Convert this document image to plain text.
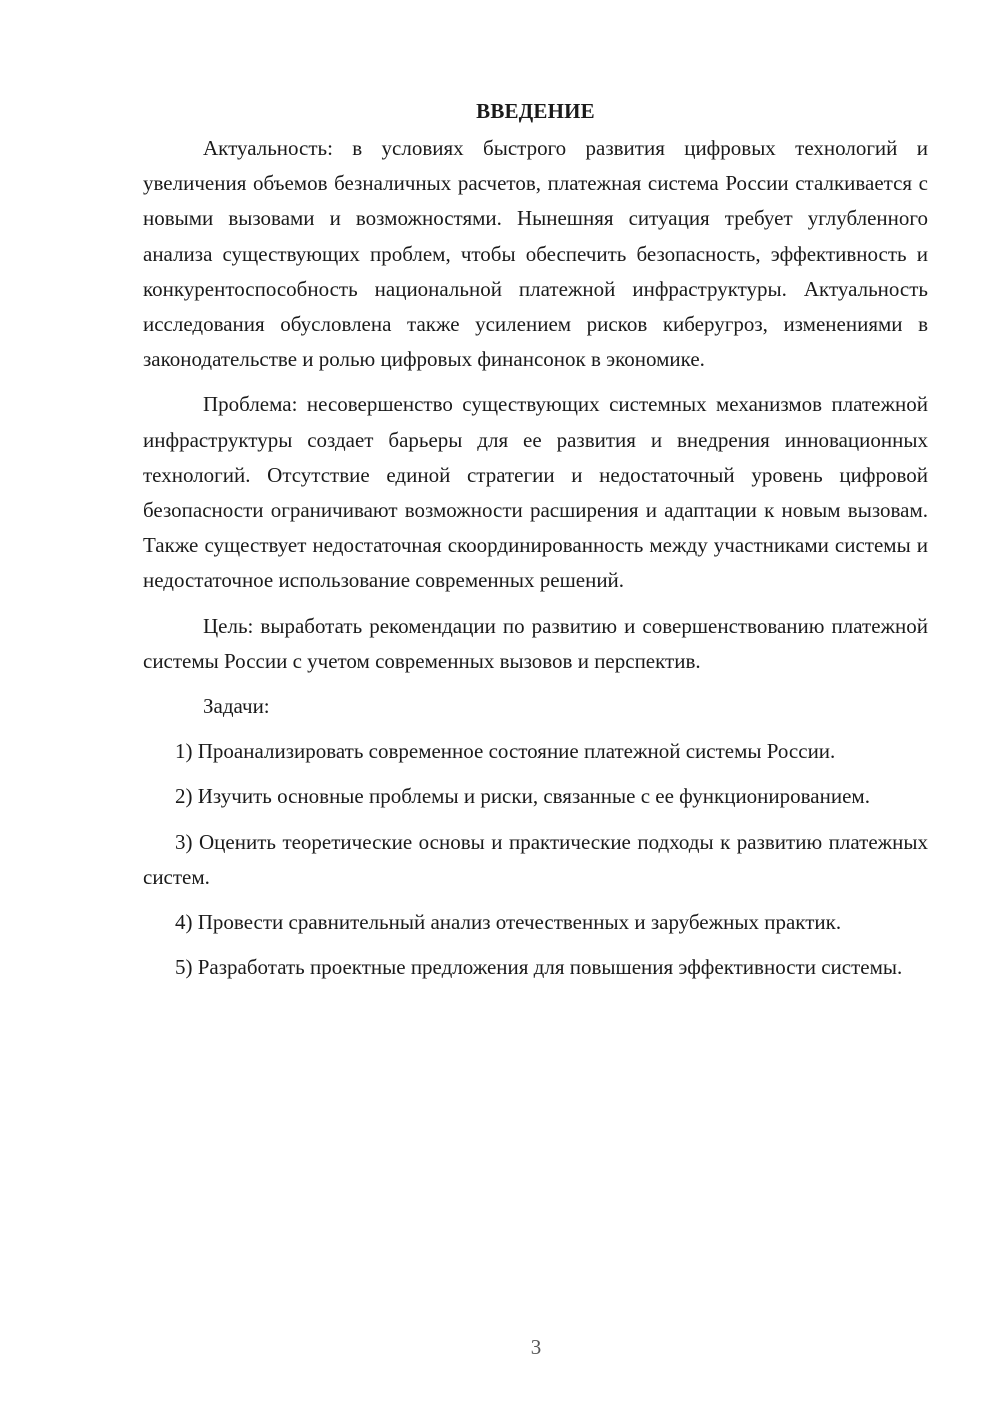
ВВЕДЕНИЕ

Актуальность: в условиях быстрого развития цифровых технологий и увеличения объемов безналичных расчетов, платежная система России сталкивается с новыми вызовами и возможностями. Нынешняя ситуация требует углубленного анализа существующих проблем, чтобы обеспечить безопасность, эффективность и конкурентоспособность национальной платежной инфраструктуры. Актуальность исследования обусловлена также усилением рисков киберугроз, изменениями в законодательстве и ролью цифровых финансонок в экономике.

Проблема: несовершенство существующих системных механизмов платежной инфраструктуры создает барьеры для ее развития и внедрения инновационных технологий. Отсутствие единой стратегии и недостаточный уровень цифровой безопасности ограничивают возможности расширения и адаптации к новым вызовам. Также существует недостаточная скоординированность между участниками системы и недостаточное использование современных решений.

Цель: выработать рекомендации по развитию и совершенствованию платежной системы России с учетом современных вызовов и перспектив.

Задачи:

1) Проанализировать современное состояние платежной системы России.
2) Изучить основные проблемы и риски, связанные с ее функционированием.
3) Оценить теоретические основы и практические подходы к развитию платежных систем.
4) Провести сравнительный анализ отечественных и зарубежных практик.
5) Разработать проектные предложения для повышения эффективности системы.
3
